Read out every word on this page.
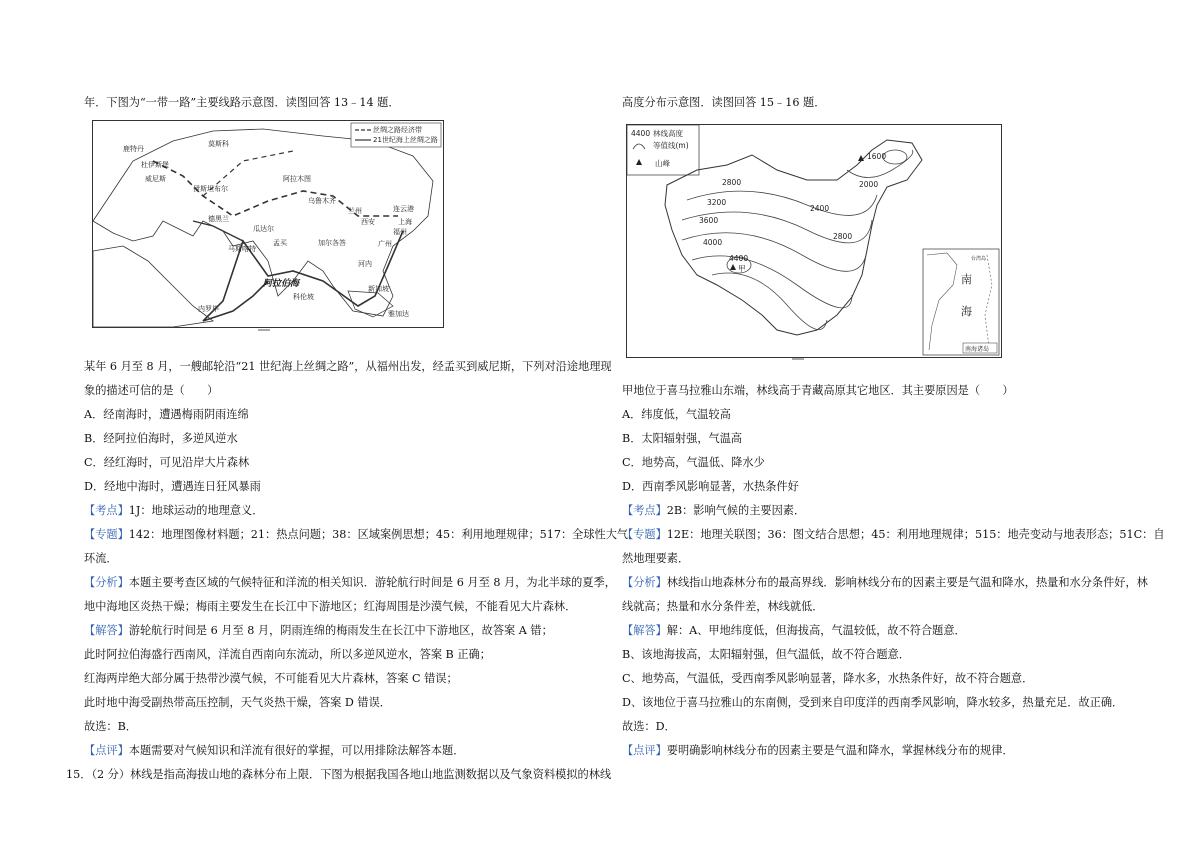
年．下图为“一带一路”主要线路示意图．读图回答 13﹣14 题．

某年 6 月至 8 月，一艘邮轮沿“21 世纪海上丝绸之路”，从福州出发，经孟买到威尼斯，下列对沿途地理现

象的描述可信的是（　　）

A．经南海时，遭遇梅雨阴雨连绵

B．经阿拉伯海时，多逆风逆水

C．经红海时，可见沿岸大片森林

D．经地中海时，遭遇连日狂风暴雨

【考点】1J：地球运动的地理意义．

【专题】142：地理图像材料题；21：热点问题；38：区域案例思想；45：利用地理规律；517：全球性大气

环流．

【分析】本题主要考查区域的气候特征和洋流的相关知识．游轮航行时间是 6 月至 8 月，为北半球的夏季，

地中海地区炎热干燥；梅雨主要发生在长江中下游地区；红海周围是沙漠气候，不能看见大片森林．

【解答】游轮航行时间是 6 月至 8 月，阴雨连绵的梅雨发生在长江中下游地区，故答案 A 错；

此时阿拉伯海盛行西南风，洋流自西南向东流动，所以多逆风逆水，答案 B 正确；

红海两岸绝大部分属于热带沙漠气候，不可能看见大片森林，答案 C 错误；

此时地中海受副热带高压控制，天气炎热干燥，答案 D 错误．

故选：B．

【点评】本题需要对气候知识和洋流有很好的掌握，可以用排除法解答本题．

15．（2 分）林线是指高海拔山地的森林分布上限．下图为根据我国各地山地监测数据以及气象资料模拟的林线

丝绸之路经济带
21世纪海上丝绸之路
鹿特丹
莫斯科
杜伊斯堡
威尼斯
伊斯坦布尔
阿拉木图
乌鲁木齐
兰州
西安
连云港
上海
福州
德黑兰
瓜达尔
孟买	加尔各答
马斯喀特
广州
河内
阿拉伯海
科伦坡
新加坡
雅加达
内罗毕

高度分布示意图．读图回答 15﹣16 题．

甲地位于喜马拉雅山东端，林线高于青藏高原其它地区．其主要原因是（　　）

A．纬度低，气温较高

B．太阳辐射强，气温高

C．地势高，气温低、降水少

D．西南季风影响显著，水热条件好

【考点】2B：影响气候的主要因素．

【专题】12E：地理关联图；36：图文结合思想；45：利用地理规律；515：地壳变动与地表形态；51C：自

然地理要素．

【分析】林线指山地森林分布的最高界线．影响林线分布的因素主要是气温和降水，热量和水分条件好，林

线就高；热量和水分条件差，林线就低．

【解答】解：A、甲地纬度低，但海拔高，气温较低，故不符合题意．

B、该地海拔高，太阳辐射强，但气温低，故不符合题意．

C、地势高，气温低，受西南季风影响显著，降水多，水热条件好，故不符合题意．

D、该地位于喜马拉雅山的东南侧，受到来自印度洋的西南季风影响，降水较多，热量充足．故正确．

故选：D．

【点评】要明确影响林线分布的因素主要是气温和降水，掌握林线分布的规律．

4400 林线高度
等值线(m)
山峰
1600
2000
2800
2400
3200
3600
2800
4000
4400
甲
南
海
台湾岛
南海诸岛
